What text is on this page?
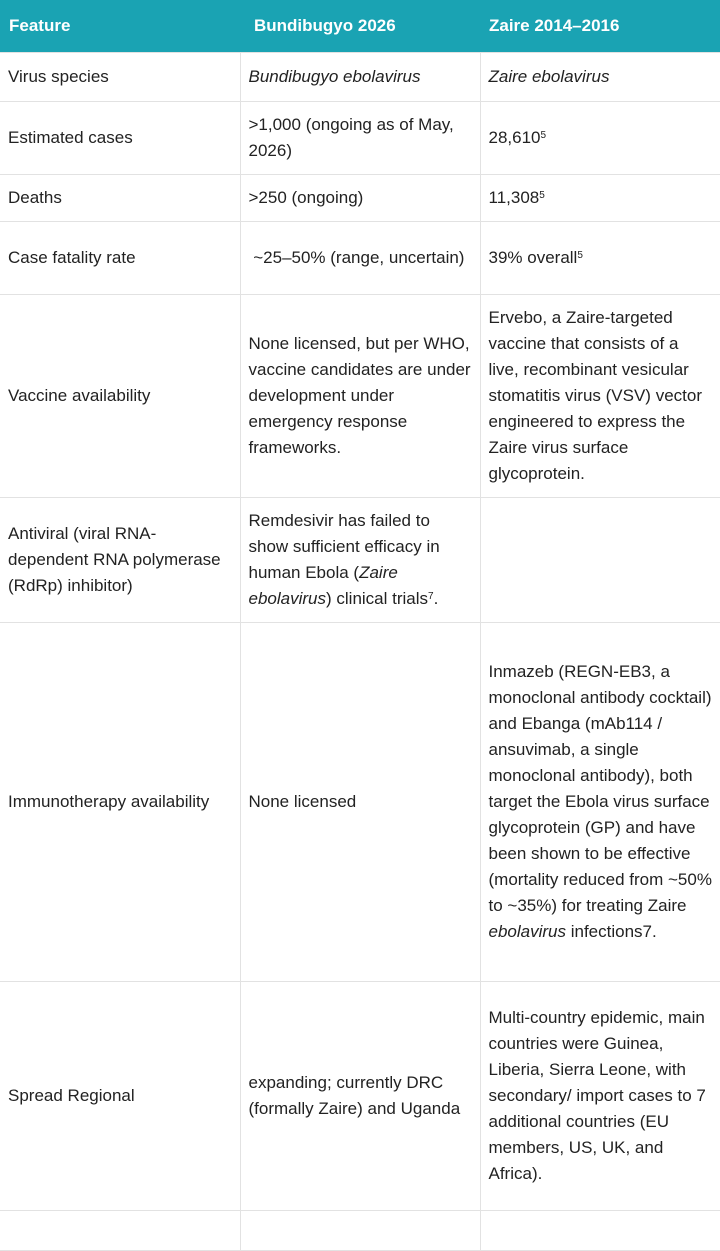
Feature	Bundibugyo 2026	Zaire 2014–2016
Virus species	Bundibugyo ebolavirus	Zaire ebolavirus
Estimated cases	>1,000 (ongoing as of May, 2026)	28,610$^5$
Deaths	>250 (ongoing)	11,308$^5$
Case fatality rate	~25–50% (range, uncertain)	39% overall$^5$
Vaccine availability	None licensed, but per WHO, vaccine candidates are under development under emergency response frameworks.	Ervebo, a Zaire-targeted vaccine that consists of a live, recombinant vesicular stomatitis virus (VSV) vector engineered to express the Zaire virus surface glycoprotein.
Antiviral (viral RNA-dependent RNA polymerase (RdRp) inhibitor)	Remdesivir has failed to show sufficient efficacy in human Ebola (Zaire ebolavirus) clinical trials$^7$.	
Immunotherapy availability	None licensed	Inmazeb (REGN-EB3, a monoclonal antibody cocktail) and Ebanga (mAb114 / ansuvimab, a single monoclonal antibody), both target the Ebola virus surface glycoprotein (GP) and have been shown to be effective (mortality reduced from ~50% to ~35%) for treating Zaire ebolavirus infections7.
Spread Regional	expanding; currently DRC (formally Zaire) and Uganda	Multi-country epidemic, main countries were Guinea, Liberia, Sierra Leone, with secondary/ import cases to 7 additional countries (EU members, US, UK, and Africa).
